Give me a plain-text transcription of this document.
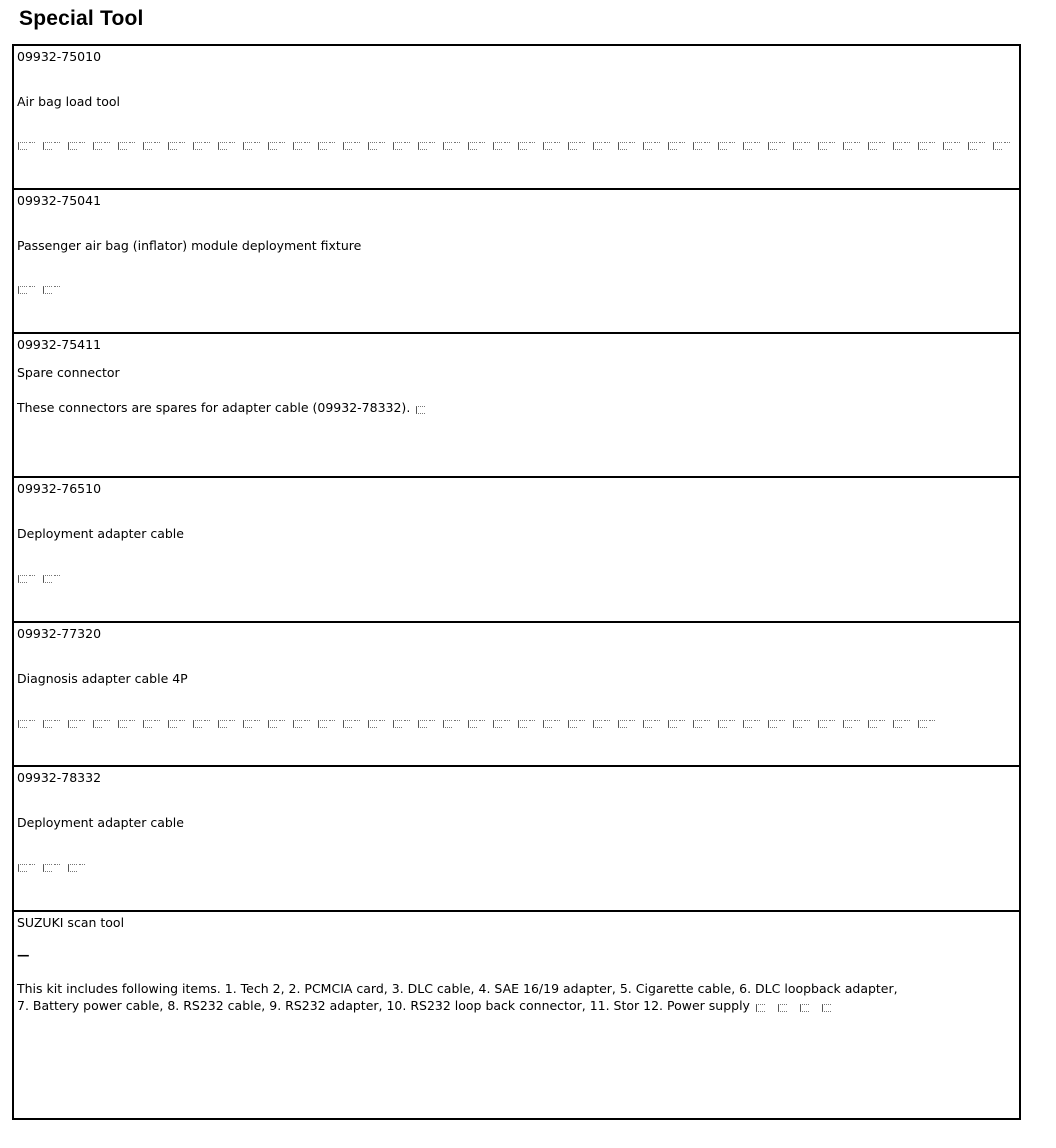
Special Tool
09932-75010
Air bag load tool
09932-75041
Passenger air bag (inflator) module deployment fixture
09932-75411
Spare connector
These connectors are spares for adapter cable (09932-78332).
09932-76510
Deployment adapter cable
09932-77320
Diagnosis adapter cable 4P
09932-78332
Deployment adapter cable
SUZUKI scan tool
—
This kit includes following items. 1. Tech 2, 2. PCMCIA card, 3. DLC cable, 4. SAE 16/19 adapter, 5. Cigarette cable, 6. DLC loopback adapter,
7. Battery power cable, 8. RS232 cable, 9. RS232 adapter, 10. RS232 loop back connector, 11. Stor 12. Power supply
